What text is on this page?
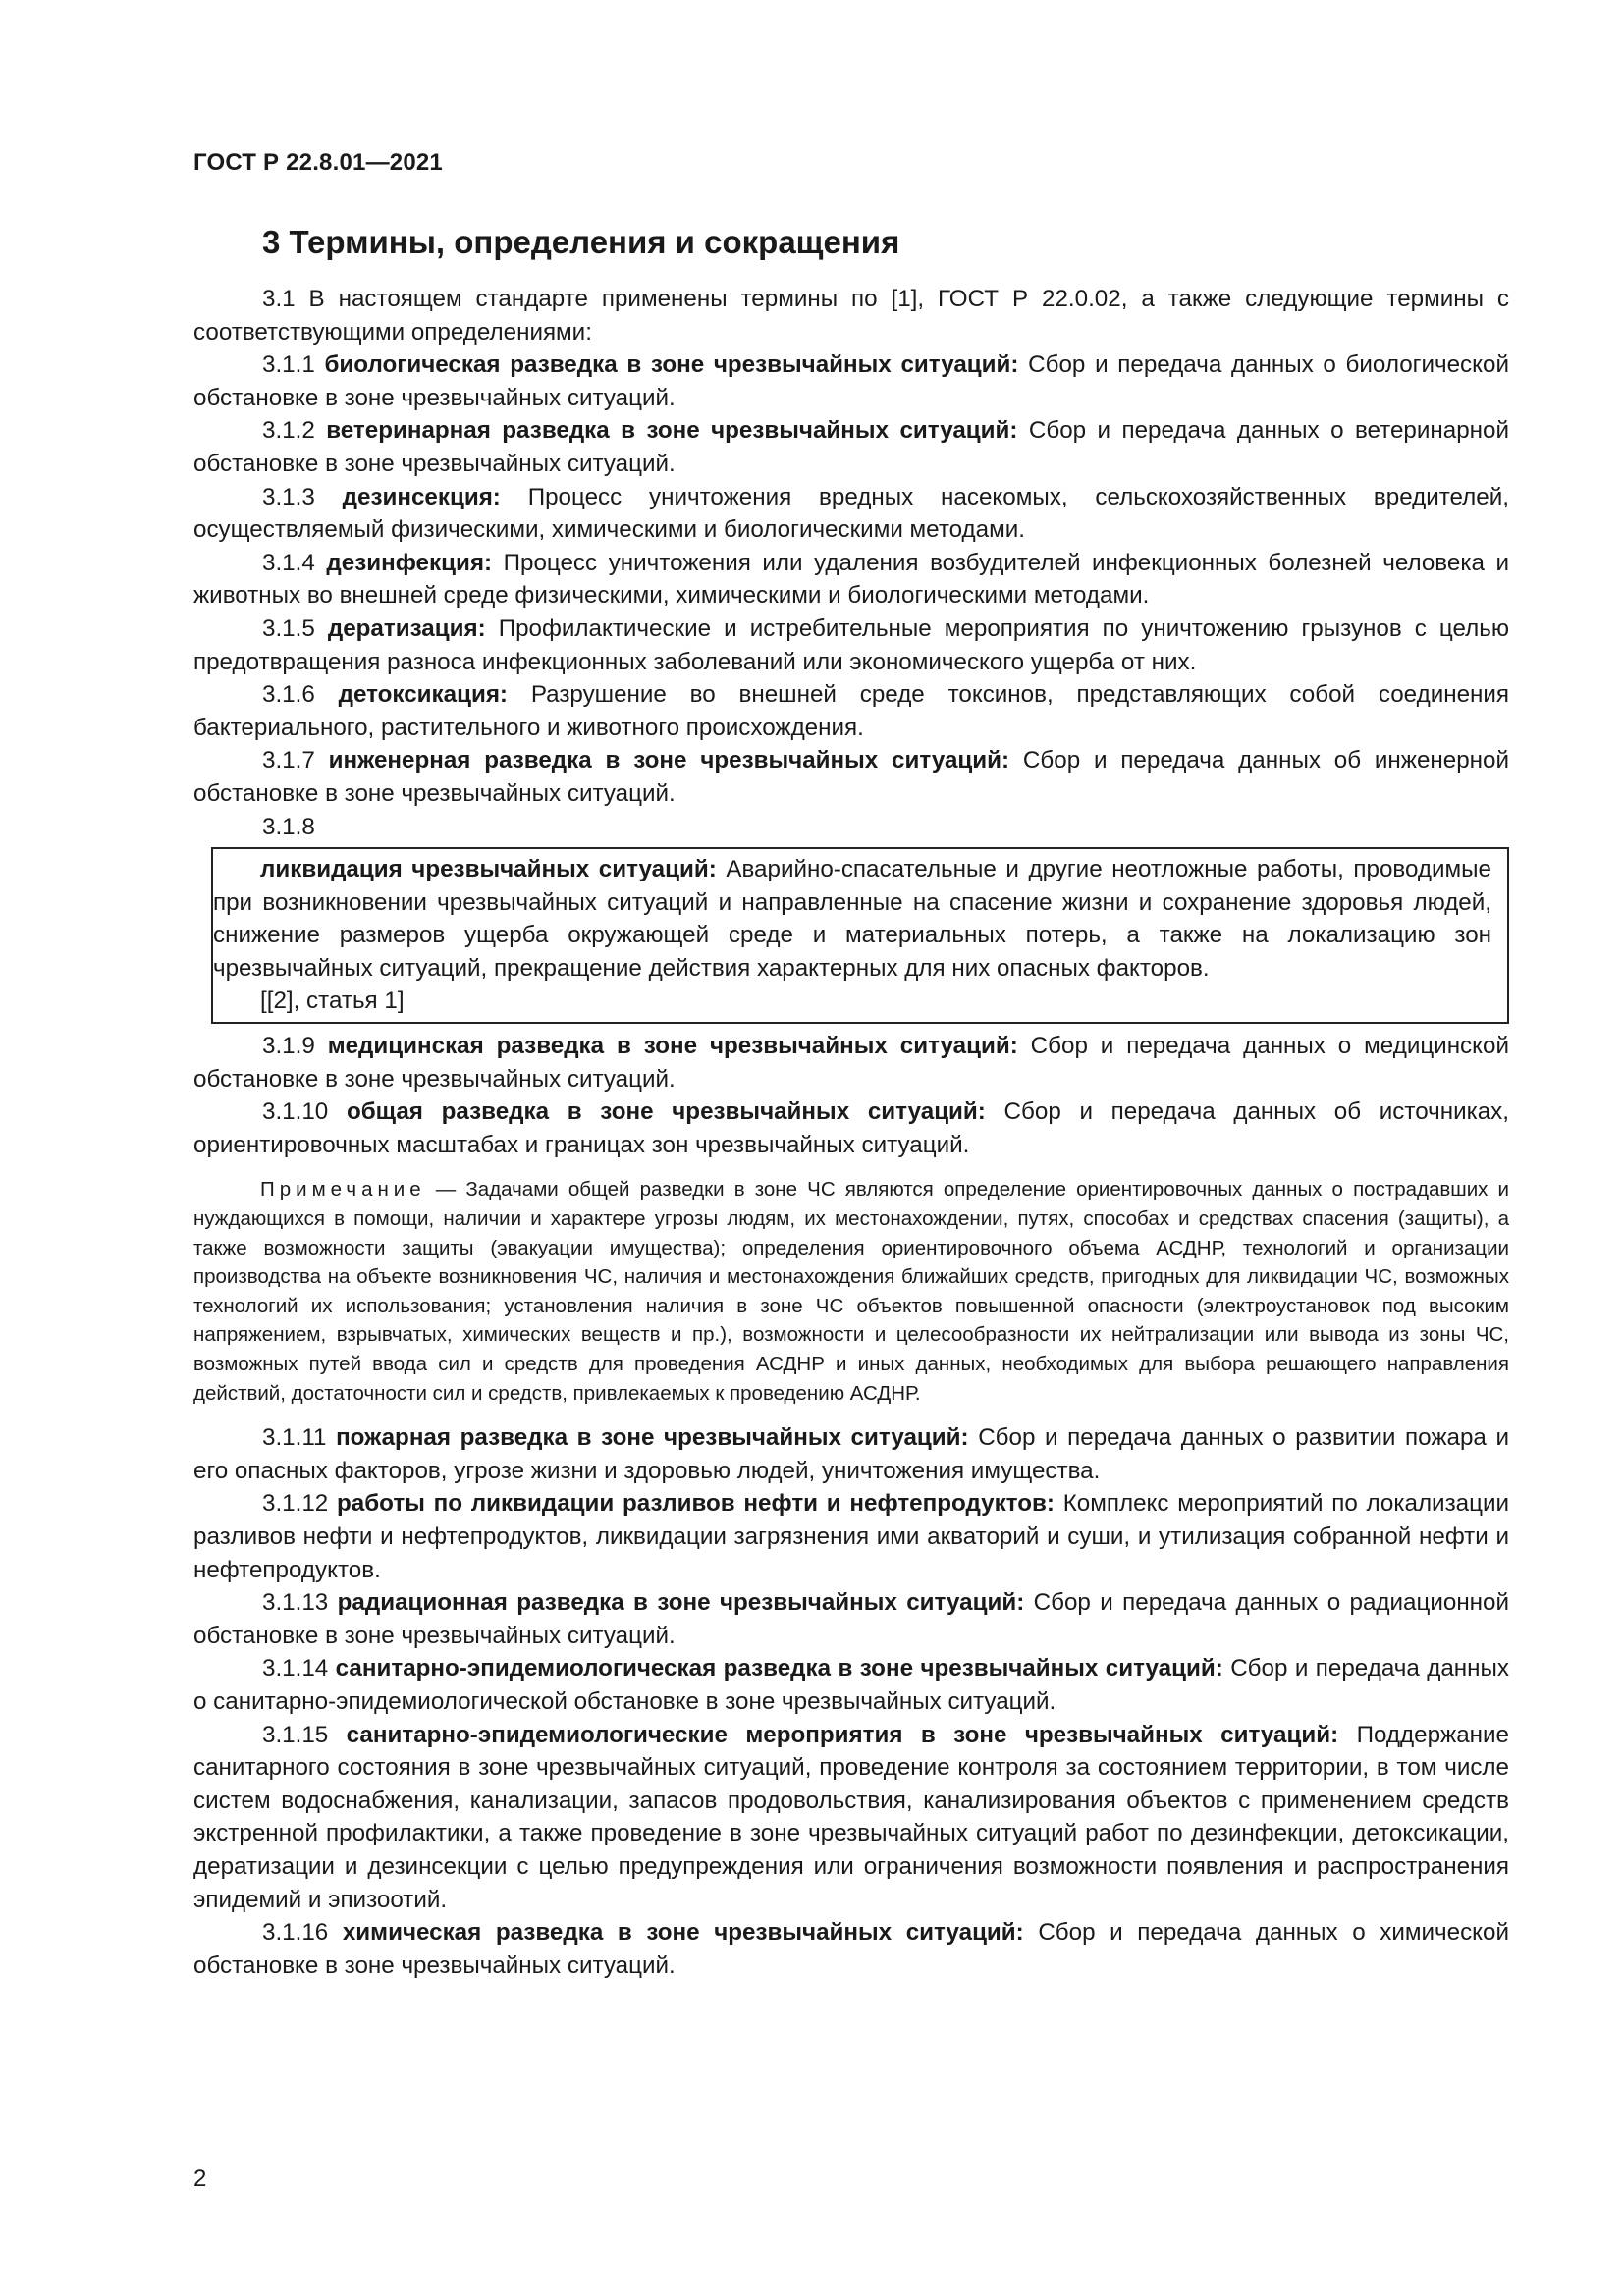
ГОСТ Р 22.8.01—2021
3 Термины, определения и сокращения

3.1 В настоящем стандарте применены термины по [1], ГОСТ Р 22.0.02, а также следующие термины с соответствующими определениями:

3.1.1 биологическая разведка в зоне чрезвычайных ситуаций: Сбор и передача данных о биологической обстановке в зоне чрезвычайных ситуаций.

3.1.2 ветеринарная разведка в зоне чрезвычайных ситуаций: Сбор и передача данных о ветеринарной обстановке в зоне чрезвычайных ситуаций.

3.1.3 дезинсекция: Процесс уничтожения вредных насекомых, сельскохозяйственных вредителей, осуществляемый физическими, химическими и биологическими методами.

3.1.4 дезинфекция: Процесс уничтожения или удаления возбудителей инфекционных болезней человека и животных во внешней среде физическими, химическими и биологическими методами.

3.1.5 дератизация: Профилактические и истребительные мероприятия по уничтожению грызунов с целью предотвращения разноса инфекционных заболеваний или экономического ущерба от них.

3.1.6 детоксикация: Разрушение во внешней среде токсинов, представляющих собой соединения бактериального, растительного и животного происхождения.

3.1.7 инженерная разведка в зоне чрезвычайных ситуаций: Сбор и передача данных об инженерной обстановке в зоне чрезвычайных ситуаций.

3.1.8

ликвидация чрезвычайных ситуаций: Аварийно-спасательные и другие неотложные работы, проводимые при возникновении чрезвычайных ситуаций и направленные на спасение жизни и сохранение здоровья людей, снижение размеров ущерба окружающей среде и материальных потерь, а также на локализацию зон чрезвычайных ситуаций, прекращение действия характерных для них опасных факторов.

[[2], статья 1]

3.1.9 медицинская разведка в зоне чрезвычайных ситуаций: Сбор и передача данных о медицинской обстановке в зоне чрезвычайных ситуаций.

3.1.10 общая разведка в зоне чрезвычайных ситуаций: Сбор и передача данных об источниках, ориентировочных масштабах и границах зон чрезвычайных ситуаций.

Примечание — Задачами общей разведки в зоне ЧС являются определение ориентировочных данных о пострадавших и нуждающихся в помощи, наличии и характере угрозы людям, их местонахождении, путях, способах и средствах спасения (защиты), а также возможности защиты (эвакуации имущества); определения ориентировочного объема АСДНР, технологий и организации производства на объекте возникновения ЧС, наличия и местонахождения ближайших средств, пригодных для ликвидации ЧС, возможных технологий их использования; установления наличия в зоне ЧС объектов повышенной опасности (электроустановок под высоким напряжением, взрывчатых, химических веществ и пр.), возможности и целесообразности их нейтрализации или вывода из зоны ЧС, возможных путей ввода сил и средств для проведения АСДНР и иных данных, необходимых для выбора решающего направления действий, достаточности сил и средств, привлекаемых к проведению АСДНР.

3.1.11 пожарная разведка в зоне чрезвычайных ситуаций: Сбор и передача данных о развитии пожара и его опасных факторов, угрозе жизни и здоровью людей, уничтожения имущества.

3.1.12 работы по ликвидации разливов нефти и нефтепродуктов: Комплекс мероприятий по локализации разливов нефти и нефтепродуктов, ликвидации загрязнения ими акваторий и суши, и утилизация собранной нефти и нефтепродуктов.

3.1.13 радиационная разведка в зоне чрезвычайных ситуаций: Сбор и передача данных о радиационной обстановке в зоне чрезвычайных ситуаций.

3.1.14 санитарно-эпидемиологическая разведка в зоне чрезвычайных ситуаций: Сбор и передача данных о санитарно-эпидемиологической обстановке в зоне чрезвычайных ситуаций.

3.1.15 санитарно-эпидемиологические мероприятия в зоне чрезвычайных ситуаций: Поддержание санитарного состояния в зоне чрезвычайных ситуаций, проведение контроля за состоянием территории, в том числе систем водоснабжения, канализации, запасов продовольствия, канализирования объектов с применением средств экстренной профилактики, а также проведение в зоне чрезвычайных ситуаций работ по дезинфекции, детоксикации, дератизации и дезинсекции с целью предупреждения или ограничения возможности появления и распространения эпидемий и эпизоотий.

3.1.16 химическая разведка в зоне чрезвычайных ситуаций: Сбор и передача данных о химической обстановке в зоне чрезвычайных ситуаций.

2
